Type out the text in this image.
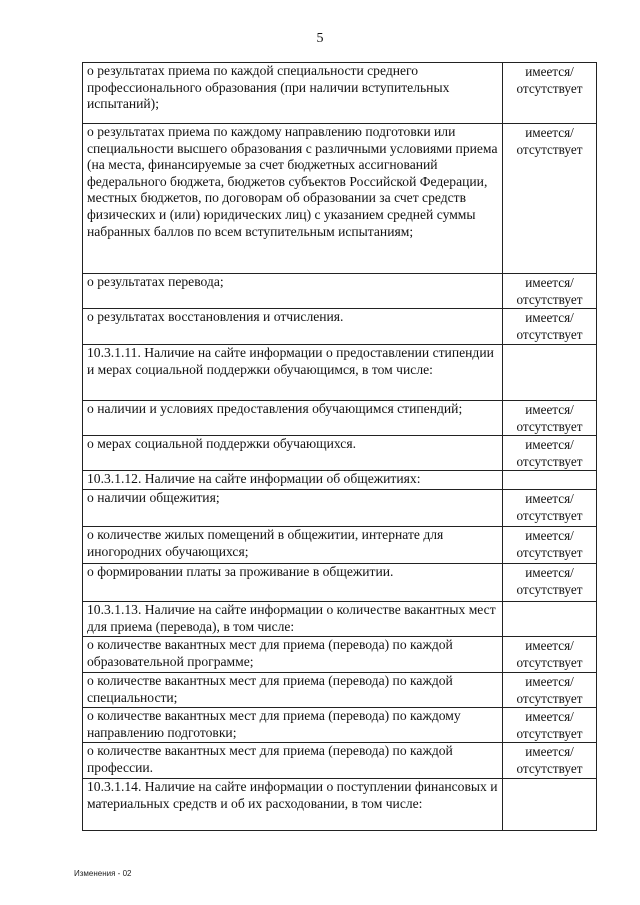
5
о результатах приема по каждой специальности среднего профессионального образования (при наличии вступительных испытаний);	имеется/
отсутствует

о результатах приема по каждому направлению подготовки или специальности высшего образования с различными условиями приема (на места, финансируемые за счет бюджетных ассигнований федерального бюджета, бюджетов субъектов Российской Федерации, местных бюджетов, по договорам об образовании за счет средств физических и (или) юридических лиц) с указанием средней суммы набранных баллов по всем вступительным испытаниям;	имеется/
отсутствует

о результатах перевода;	имеется/
отсутствует

о результатах восстановления и отчисления.	имеется/
отсутствует

10.3.1.11. Наличие на сайте информации о предоставлении стипендии и мерах социальной поддержки обучающимся, в том числе:	
о наличии и условиях предоставления обучающимся стипендий;	имеется/
отсутствует

о мерах социальной поддержки обучающихся.	имеется/
отсутствует

10.3.1.12. Наличие на сайте информации об общежитиях:	
о наличии общежития;	имеется/
отсутствует

о количестве жилых помещений в общежитии, интернате для иногородних обучающихся;	имеется/
отсутствует

о формировании платы за проживание в общежитии.	имеется/
отсутствует

10.3.1.13. Наличие на сайте информации о количестве вакантных мест для приема (перевода), в том числе:	
о количестве вакантных мест для приема (перевода) по каждой образовательной программе;	имеется/
отсутствует

о количестве вакантных мест для приема (перевода) по каждой специальности;	имеется/
отсутствует

о количестве вакантных мест для приема (перевода) по каждому направлению подготовки;	имеется/
отсутствует

о количестве вакантных мест для приема (перевода) по каждой профессии.	имеется/
отсутствует

10.3.1.14. Наличие на сайте информации о поступлении финансовых и материальных средств и об их расходовании, в том числе:	
Изменения - 02
